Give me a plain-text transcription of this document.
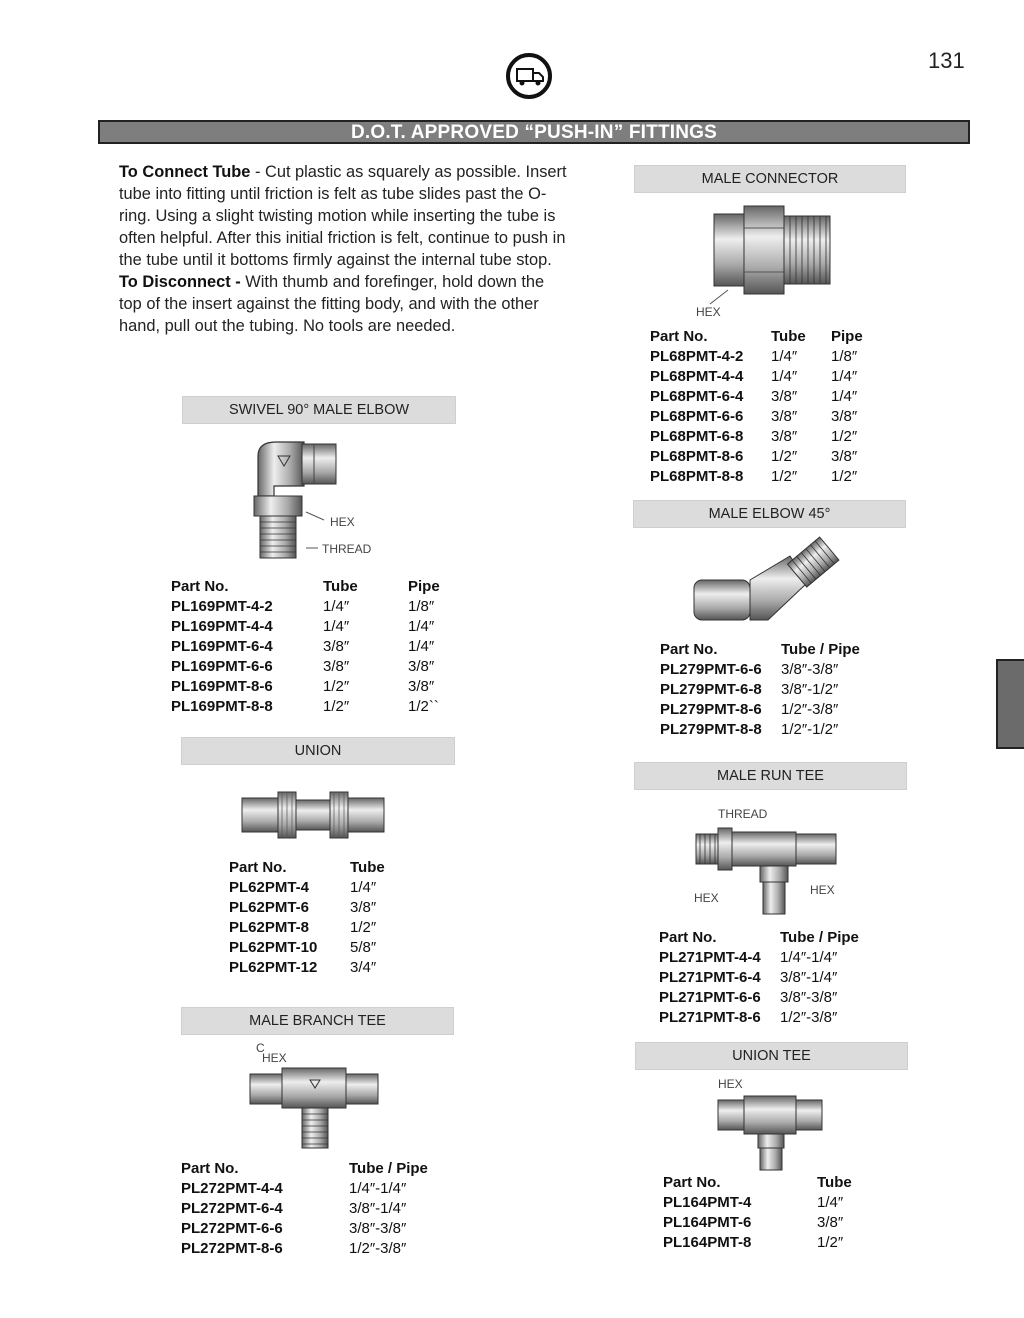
131
D.O.T. APPROVED “PUSH-IN” FITTINGS
To Connect Tube - Cut plastic as squarely as possible. Insert tube into fitting until friction is felt as tube slides past the O-ring. Using a slight twisting motion while inserting the tube is often helpful. After this initial friction is felt, continue to push in the tube until it bottoms firmly against the internal tube stop.
To Disconnect - With thumb and forefinger, hold down the top of the insert against the fitting body, and with the other hand, pull out the tubing. No tools are needed.
SWIVEL 90° MALE ELBOW
HEX
THREAD
Part No.	Tube	Pipe
PL169PMT-4-2	1/4″	1/8″
PL169PMT-4-4	1/4″	1/4″
PL169PMT-6-4	3/8″	1/4″
PL169PMT-6-6	3/8″	3/8″
PL169PMT-8-6	1/2″	3/8″
PL169PMT-8-8	1/2″	1/2``
UNION
Part No.	Tube
PL62PMT-4	1/4″
PL62PMT-6	3/8″
PL62PMT-8	1/2″
PL62PMT-10	5/8″
PL62PMT-12	3/4″
MALE BRANCH TEE
C
HEX
Part No.	Tube / Pipe
PL272PMT-4-4	1/4″-1/4″
PL272PMT-6-4	3/8″-1/4″
PL272PMT-6-6	3/8″-3/8″
PL272PMT-8-6	1/2″-3/8″
MALE CONNECTOR
HEX
Part No.	Tube	Pipe
PL68PMT-4-2	1/4″	1/8″
PL68PMT-4-4	1/4″	1/4″
PL68PMT-6-4	3/8″	1/4″
PL68PMT-6-6	3/8″	3/8″
PL68PMT-6-8	3/8″	1/2″
PL68PMT-8-6	1/2″	3/8″
PL68PMT-8-8	1/2″	1/2″
MALE ELBOW 45°
Part No.	Tube / Pipe
PL279PMT-6-6	3/8″-3/8″
PL279PMT-6-8	3/8″-1/2″
PL279PMT-8-6	1/2″-3/8″
PL279PMT-8-8	1/2″-1/2″
MALE RUN TEE
THREAD
HEX
HEX
Part No.	Tube / Pipe
PL271PMT-4-4	1/4″-1/4″
PL271PMT-6-4	3/8″-1/4″
PL271PMT-6-6	3/8″-3/8″
PL271PMT-8-6	1/2″-3/8″
UNION TEE
HEX
Part No.	Tube
PL164PMT-4	1/4″
PL164PMT-6	3/8″
PL164PMT-8	1/2″
